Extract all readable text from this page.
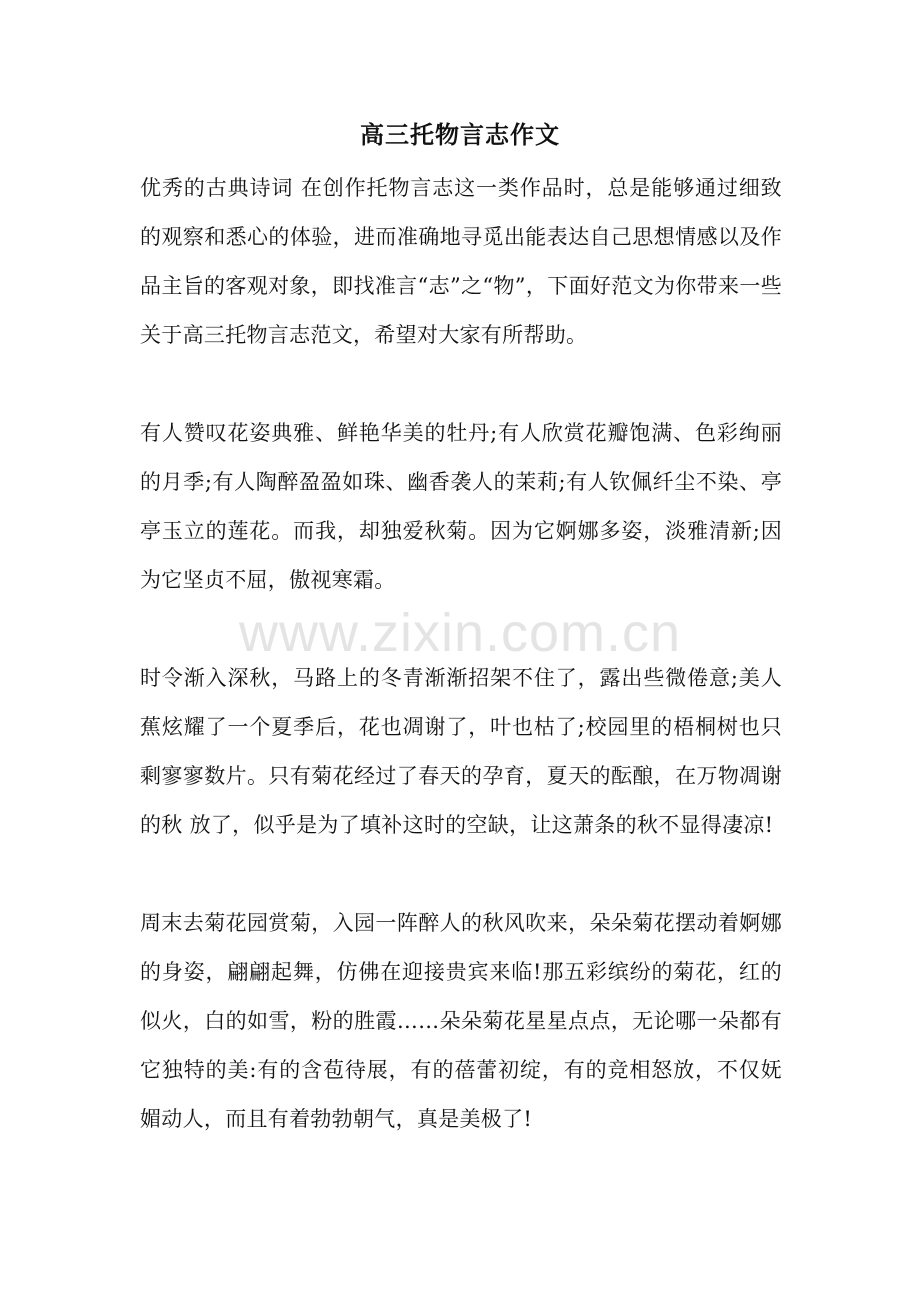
高三托物言志作文

优秀的古典诗词 在创作托物言志这一类作品时，总是能够通过细致的观察和悉心的体验，进而准确地寻觅出能表达自己思想情感以及作品主旨的客观对象，即找准言“志”之“物”，下面好范文为你带来一些关于高三托物言志范文，希望对大家有所帮助。

有人赞叹花姿典雅、鲜艳华美的牡丹;有人欣赏花瓣饱满、色彩绚丽的月季;有人陶醉盈盈如珠、幽香袭人的茉莉;有人钦佩纤尘不染、亭亭玉立的莲花。而我，却独爱秋菊。因为它婀娜多姿，淡雅清新;因为它坚贞不屈，傲视寒霜。

时令渐入深秋，马路上的冬青渐渐招架不住了，露出些微倦意;美人蕉炫耀了一个夏季后，花也凋谢了，叶也枯了;校园里的梧桐树也只剩寥寥数片。只有菊花经过了春天的孕育，夏天的酝酿，在万物凋谢的秋 放了，似乎是为了填补这时的空缺，让这萧条的秋不显得凄凉!

周末去菊花园赏菊，入园一阵醉人的秋风吹来，朵朵菊花摆动着婀娜的身姿，翩翩起舞，仿佛在迎接贵宾来临!那五彩缤纷的菊花，红的似火，白的如雪，粉的胜霞……朵朵菊花星星点点，无论哪一朵都有它独特的美:有的含苞待展，有的蓓蕾初绽，有的竞相怒放，不仅妩媚动人，而且有着勃勃朝气，真是美极了!

www.zixin.com.cn
